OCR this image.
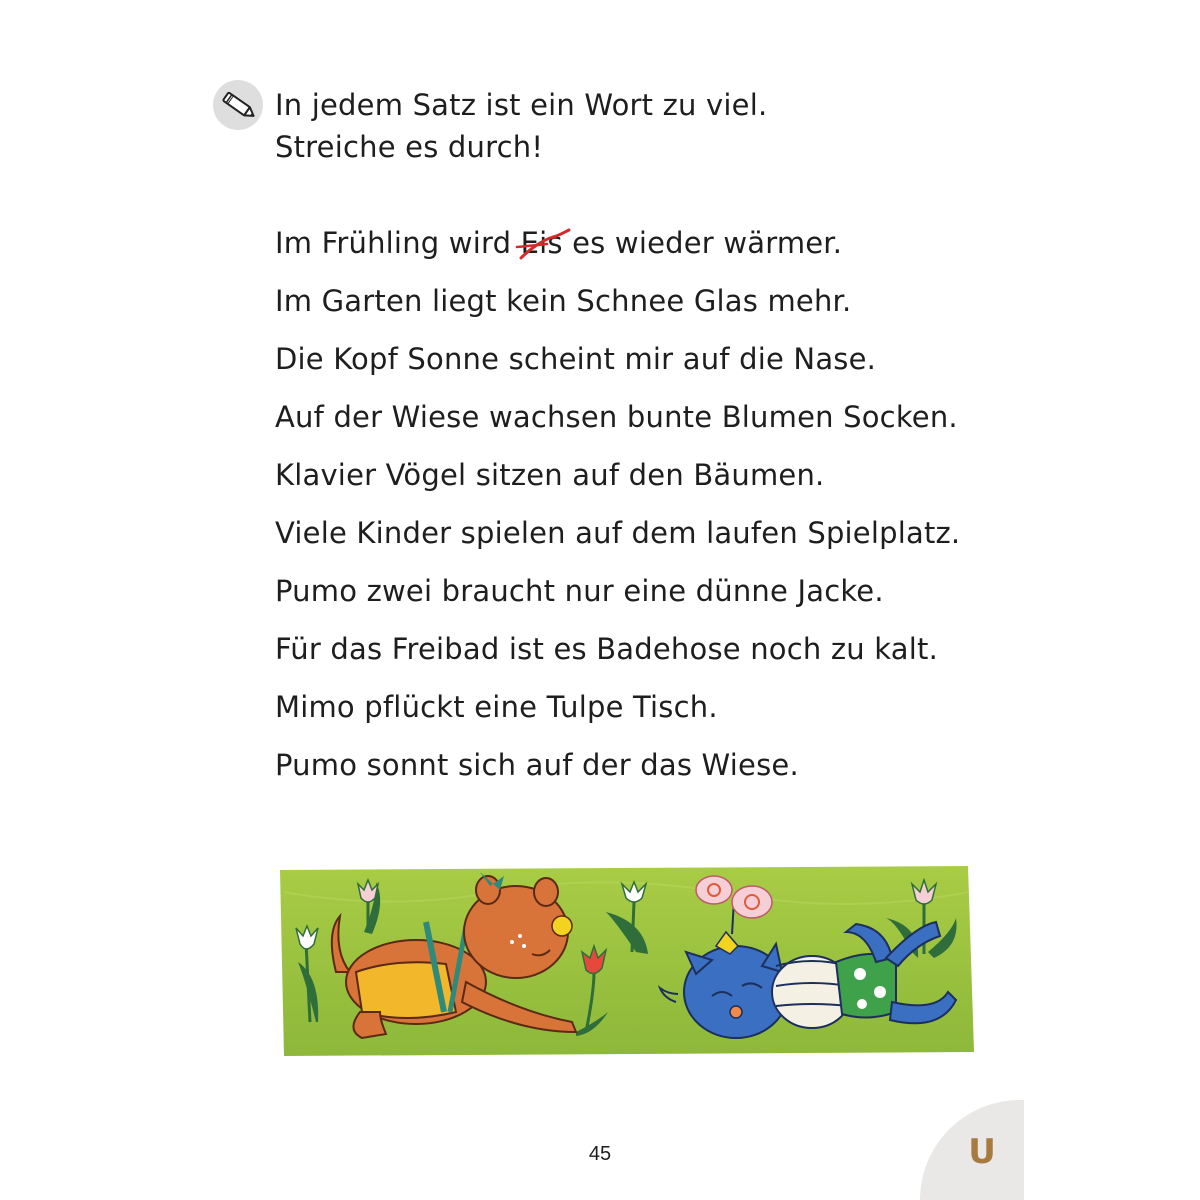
In jedem Satz ist ein Wort zu viel.
Streiche es durch!
Im Frühling wird Eis
es wieder wärmer.
Im Garten liegt kein Schnee Glas mehr.
Die Kopf Sonne scheint mir auf die Nase.
Auf der Wiese wachsen bunte Blumen Socken.
Klavier Vögel sitzen auf den Bäumen.
Viele Kinder spielen auf dem laufen Spielplatz.
Pumo zwei braucht nur eine dünne Jacke.
Für das Freibad ist es Badehose noch zu kalt.
Mimo pflückt eine Tulpe Tisch.
Pumo sonnt sich auf der das Wiese.
45	U
